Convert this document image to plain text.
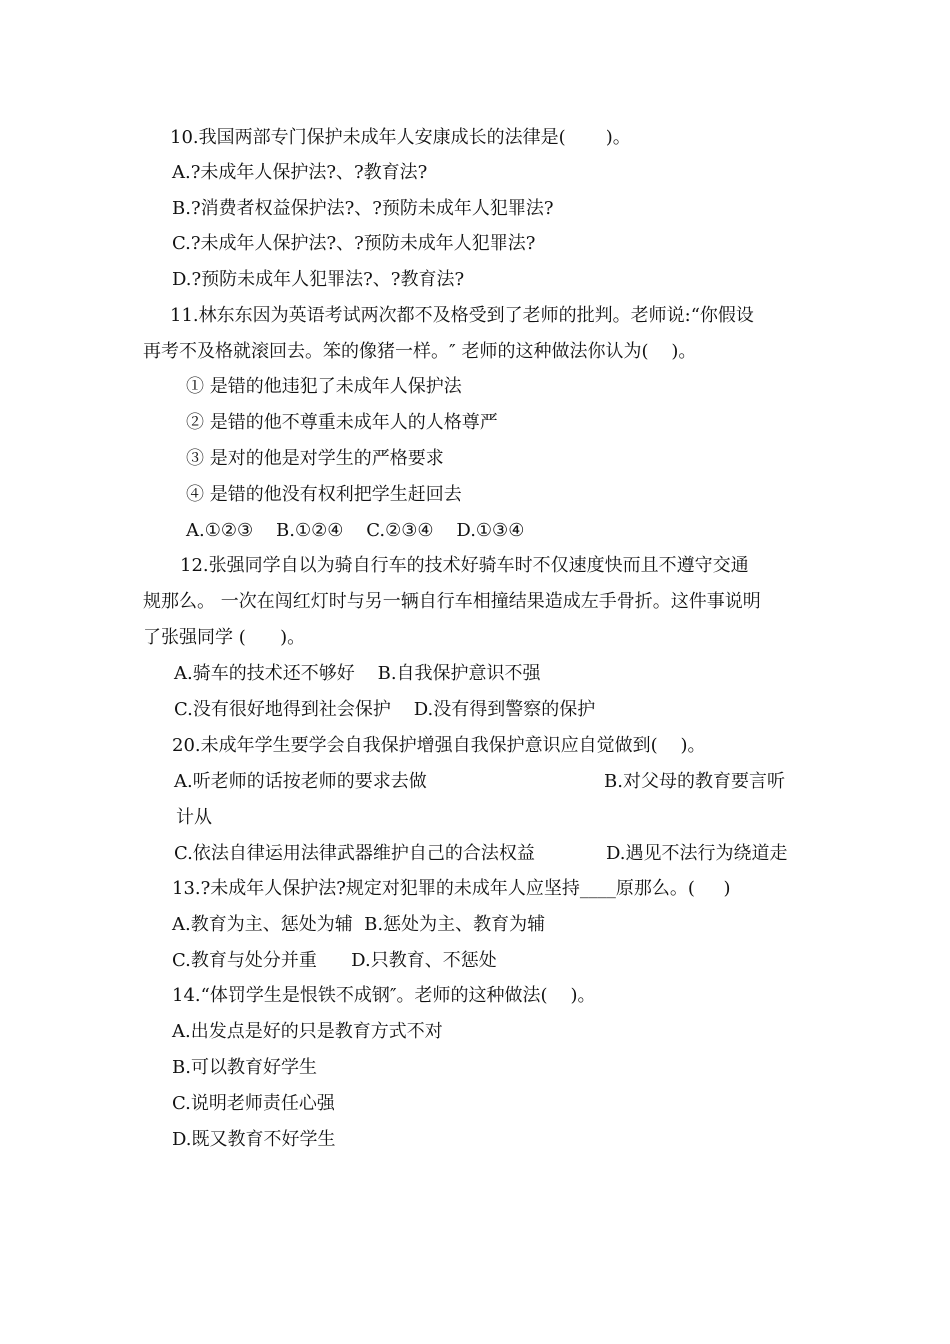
10.我国两部专门保护未成年人安康成长的法律是(       )。
A.?未成年人保护法?、?教育法?
B.?消费者权益保护法?、?预防未成年人犯罪法?
C.?未成年人保护法?、?预防未成年人犯罪法?
D.?预防未成年人犯罪法?、?教育法?
11.林东东因为英语考试两次都不及格受到了老师的批判。老师说:“你假设
再考不及格就滚回去。笨的像猪一样。″ 老师的这种做法你认为(    )。
① 是错的他违犯了未成年人保护法
② 是错的他不尊重未成年人的人格尊严
③ 是对的他是对学生的严格要求
④ 是错的他没有权利把学生赶回去
A.①②③    B.①②④    C.②③④    D.①③④
12.张强同学自以为骑自行车的技术好骑车时不仅速度快而且不遵守交通
规那么。 一次在闯红灯时与另一辆自行车相撞结果造成左手骨折。这件事说明
了张强同学 (      )。
A.骑车的技术还不够好    B.自我保护意识不强
C.没有很好地得到社会保护    D.没有得到警察的保护
20.未成年学生要学会自我保护增强自我保护意识应自觉做到(    )。
A.听老师的话按老师的要求去做	B.对父母的教育要言听
计从
C.依法自律运用法律武器维护自己的合法权益	D.遇见不法行为绕道走
13.?未成年人保护法?规定对犯罪的未成年人应坚持____原那么。(     )
A.教育为主、惩处为辅  B.惩处为主、教育为辅
C.教育与处分并重      D.只教育、不惩处
14.“体罚学生是恨铁不成钢″。老师的这种做法(    )。
A.出发点是好的只是教育方式不对
B.可以教育好学生
C.说明老师责任心强
D.既又教育不好学生
